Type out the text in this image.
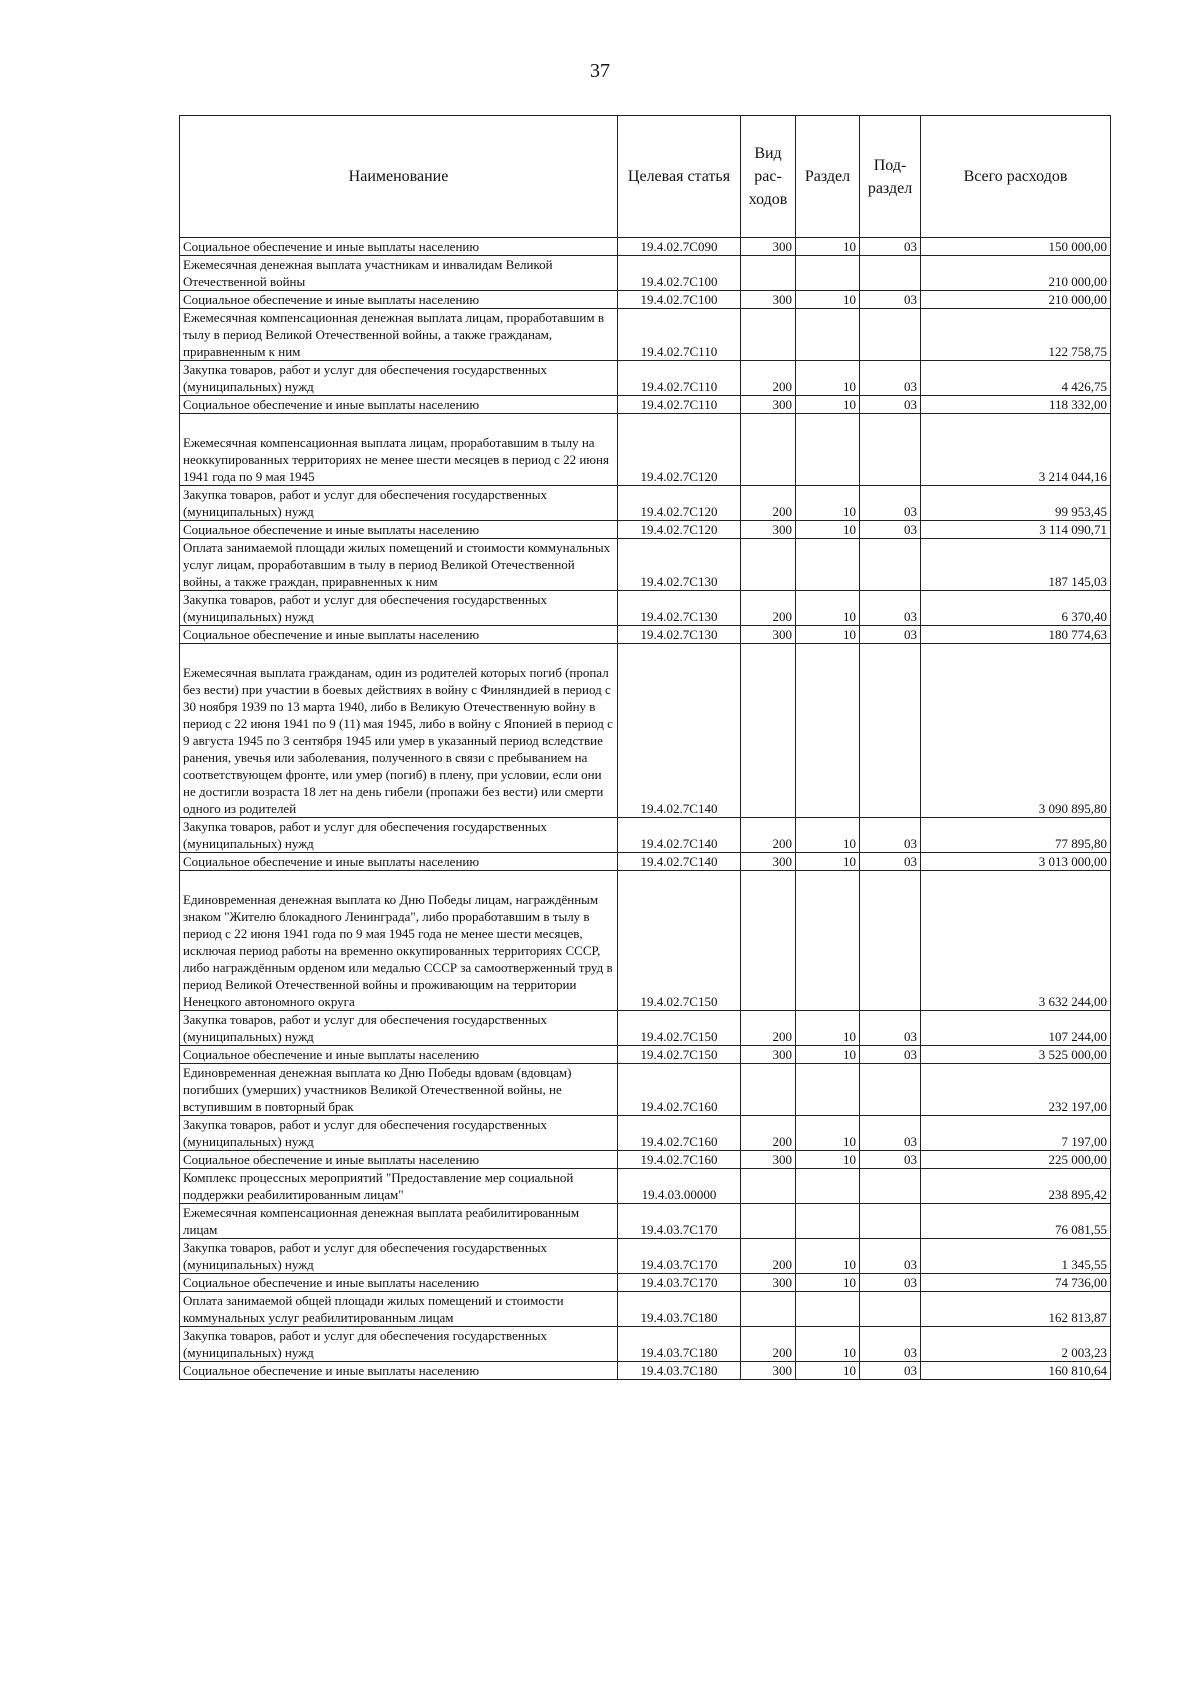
37
Наименование	Целевая статья	Вид рас-ходов	Раздел	Под-раздел	Всего расходов
Социальное обеспечение и иные выплаты населению	19.4.02.7С090	300	10	03	150 000,00
Ежемесячная денежная выплата участникам и инвалидам Великой Отечественной войны	19.4.02.7С100				210 000,00
Социальное обеспечение и иные выплаты населению	19.4.02.7С100	300	10	03	210 000,00
Ежемесячная компенсационная денежная выплата лицам, проработавшим в тылу в период Великой Отечественной войны, а также гражданам, приравненным к ним	19.4.02.7С110				122 758,75
Закупка товаров, работ и услуг для обеспечения государственных (муниципальных) нужд	19.4.02.7С110	200	10	03	4 426,75
Социальное обеспечение и иные выплаты населению	19.4.02.7С110	300	10	03	118 332,00
Ежемесячная компенсационная выплата лицам, проработавшим в тылу на неоккупированных территориях не менее шести месяцев в период с 22 июня 1941 года по 9 мая 1945	19.4.02.7С120				3 214 044,16
Закупка товаров, работ и услуг для обеспечения государственных (муниципальных) нужд	19.4.02.7С120	200	10	03	99 953,45
Социальное обеспечение и иные выплаты населению	19.4.02.7С120	300	10	03	3 114 090,71
Оплата занимаемой площади жилых помещений и стоимости коммунальных услуг лицам, проработавшим в тылу в период Великой Отечественной войны, а также граждан, приравненных к ним	19.4.02.7С130				187 145,03
Закупка товаров, работ и услуг для обеспечения государственных (муниципальных) нужд	19.4.02.7С130	200	10	03	6 370,40
Социальное обеспечение и иные выплаты населению	19.4.02.7С130	300	10	03	180 774,63
Ежемесячная выплата гражданам, один из родителей которых погиб (пропал без вести) при участии в боевых действиях в войну с Финляндией в период с 30 ноября 1939 по 13 марта 1940, либо в Великую Отечественную войну в период с 22 июня 1941 по 9 (11) мая 1945, либо в войну с Японией в период с 9 августа 1945 по 3 сентября 1945 или умер в указанный период вследствие ранения, увечья или заболевания, полученного в связи с пребыванием на соответствующем фронте, или умер (погиб) в плену, при условии, если они не достигли возраста 18 лет на день гибели (пропажи без вести) или смерти одного из родителей	19.4.02.7С140				3 090 895,80
Закупка товаров, работ и услуг для обеспечения государственных (муниципальных) нужд	19.4.02.7С140	200	10	03	77 895,80
Социальное обеспечение и иные выплаты населению	19.4.02.7С140	300	10	03	3 013 000,00
Единовременная денежная выплата ко Дню Победы лицам, награждённым знаком "Жителю блокадного Ленинграда", либо проработавшим в тылу в период с 22 июня 1941 года по 9 мая 1945 года не менее шести месяцев, исключая период работы на временно оккупированных территориях СССР, либо награждённым орденом или медалью СССР за самоотверженный труд в период Великой Отечественной войны и проживающим на территории Ненецкого автономного округа	19.4.02.7С150				3 632 244,00
Закупка товаров, работ и услуг для обеспечения государственных (муниципальных) нужд	19.4.02.7С150	200	10	03	107 244,00
Социальное обеспечение и иные выплаты населению	19.4.02.7С150	300	10	03	3 525 000,00
Единовременная денежная выплата ко Дню Победы вдовам (вдовцам) погибших (умерших) участников Великой Отечественной войны, не вступившим в повторный брак	19.4.02.7С160				232 197,00
Закупка товаров, работ и услуг для обеспечения государственных (муниципальных) нужд	19.4.02.7С160	200	10	03	7 197,00
Социальное обеспечение и иные выплаты населению	19.4.02.7С160	300	10	03	225 000,00
Комплекс процессных мероприятий "Предоставление мер социальной поддержки реабилитированным лицам"	19.4.03.00000				238 895,42
Ежемесячная компенсационная денежная выплата реабилитированным лицам	19.4.03.7С170				76 081,55
Закупка товаров, работ и услуг для обеспечения государственных (муниципальных) нужд	19.4.03.7С170	200	10	03	1 345,55
Социальное обеспечение и иные выплаты населению	19.4.03.7С170	300	10	03	74 736,00
Оплата занимаемой общей площади жилых помещений и стоимости коммунальных услуг реабилитированным лицам	19.4.03.7С180				162 813,87
Закупка товаров, работ и услуг для обеспечения государственных (муниципальных) нужд	19.4.03.7С180	200	10	03	2 003,23
Социальное обеспечение и иные выплаты населению	19.4.03.7С180	300	10	03	160 810,64
